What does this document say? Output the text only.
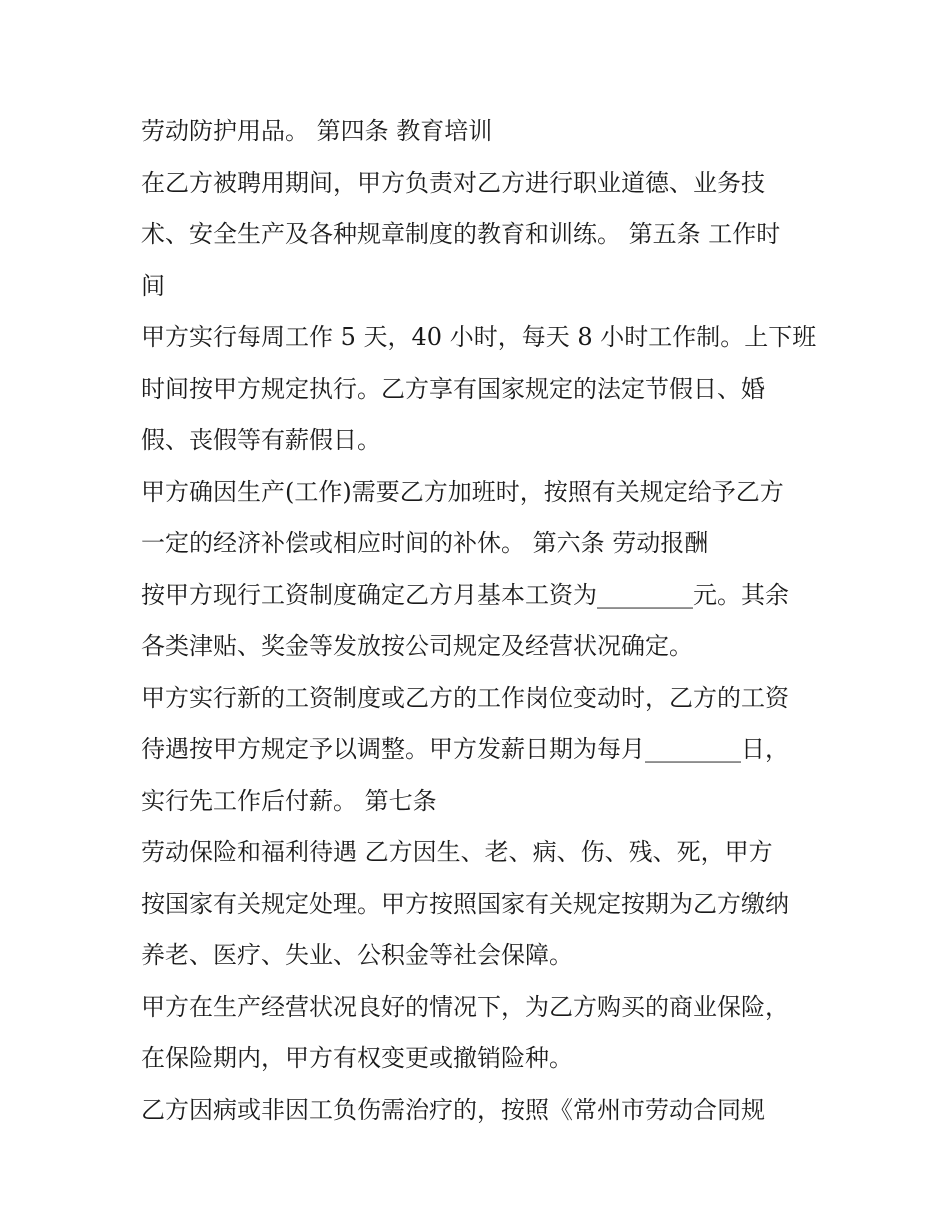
劳动防护用品。 第四条 教育培训
在乙方被聘用期间，甲方负责对乙方进行职业道德、业务技
术、安全生产及各种规章制度的教育和训练。 第五条 工作时
间
甲方实行每周工作 5 天，40 小时，每天 8 小时工作制。上下班
时间按甲方规定执行。乙方享有国家规定的法定节假日、婚
假、丧假等有薪假日。
甲方确因生产(工作)需要乙方加班时，按照有关规定给予乙方
一定的经济补偿或相应时间的补休。 第六条 劳动报酬
按甲方现行工资制度确定乙方月基本工资为________元。其余
各类津贴、奖金等发放按公司规定及经营状况确定。
甲方实行新的工资制度或乙方的工作岗位变动时，乙方的工资
待遇按甲方规定予以调整。甲方发薪日期为每月________日，
实行先工作后付薪。 第七条
劳动保险和福利待遇 乙方因生、老、病、伤、残、死，甲方
按国家有关规定处理。甲方按照国家有关规定按期为乙方缴纳
养老、医疗、失业、公积金等社会保障。
甲方在生产经营状况良好的情况下，为乙方购买的商业保险，
在保险期内，甲方有权变更或撤销险种。
乙方因病或非因工负伤需治疗的，按照《常州市劳动合同规
